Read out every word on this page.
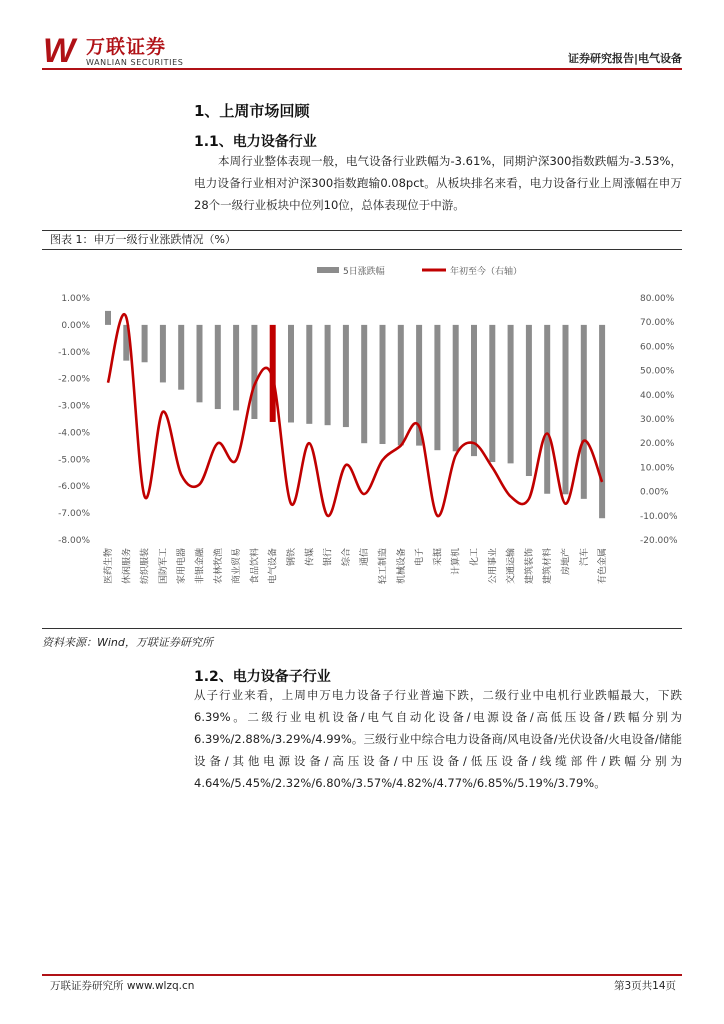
W 万联证券
WANLIAN SECURITIES	证券研究报告|电气设备
1、上周市场回顾
1.1、电力设备行业
本周行业整体表现一般，电气设备行业跌幅为-3.61%，同期沪深300指数跌幅为-3.53%，电力设备行业相对沪深300指数跑输0.08pct。从板块排名来看，电力设备行业上周涨幅在申万28个一级行业板块中位列10位，总体表现位于中游。
图表 1：申万一级行业涨跌情况（%）
5日涨跌幅	年初至今（右轴）
1.00%
0.00%
-1.00%
-2.00%
-3.00%
-4.00%
-5.00%
-6.00%
-7.00%
-8.00%
80.00%
70.00%
60.00%
50.00%
40.00%
30.00%
20.00%
10.00%
0.00%
-10.00%
-20.00%
医药生物 休闲服务 纺织服装 国防军工 家用电器 非银金融 农林牧渔 商业贸易 食品饮料 电气设备 钢铁 传媒 银行 综合 通信 轻工制造 机械设备 电子 采掘 计算机 化工 公用事业 交通运输 建筑装饰 建筑材料 房地产 汽车 有色金属
资料来源：Wind，万联证券研究所
1.2、电力设备子行业
从子行业来看，上周申万电力设备子行业普遍下跌，二级行业中电机行业跌幅最大，下跌6.39%。二级行业电机设备/电气自动化设备/电源设备/高低压设备/跌幅分别为6.39%/2.88%/3.29%/4.99%。三级行业中综合电力设备商/风电设备/光伏设备/火电设备/储能设备/其他电源设备/高压设备/中压设备/低压设备/线缆部件/跌幅分别为4.64%/5.45%/2.32%/6.80%/3.57%/4.82%/4.77%/6.85%/5.19%/3.79%。
万联证券研究所 www.wlzq.cn	第3页共14页
